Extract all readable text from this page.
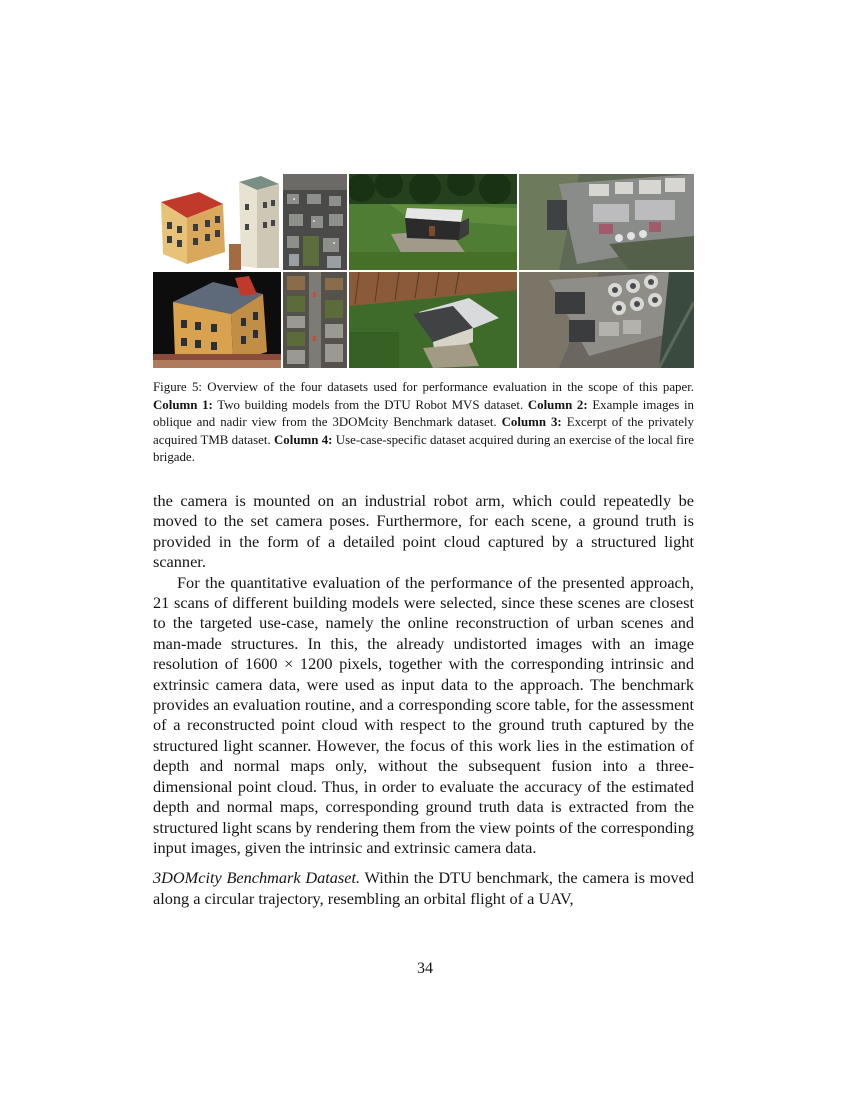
Figure 5: Overview of the four datasets used for performance evaluation in the scope of this paper. Column 1: Two building models from the DTU Robot MVS dataset. Column 2: Example images in oblique and nadir view from the 3DOMcity Benchmark dataset. Column 3: Excerpt of the privately acquired TMB dataset. Column 4: Use-case-specific dataset acquired during an exercise of the local fire brigade.

the camera is mounted on an industrial robot arm, which could repeatedly be moved to the set camera poses. Furthermore, for each scene, a ground truth is provided in the form of a detailed point cloud captured by a structured light scanner.

For the quantitative evaluation of the performance of the presented approach, 21 scans of different building models were selected, since these scenes are closest to the targeted use-case, namely the online reconstruction of urban scenes and man-made structures. In this, the already undistorted images with an image resolution of 1600 × 1200 pixels, together with the corresponding intrinsic and extrinsic camera data, were used as input data to the approach. The benchmark provides an evaluation routine, and a corresponding score table, for the assessment of a reconstructed point cloud with respect to the ground truth captured by the structured light scanner. However, the focus of this work lies in the estimation of depth and normal maps only, without the subsequent fusion into a three-dimensional point cloud. Thus, in order to evaluate the accuracy of the estimated depth and normal maps, corresponding ground truth data is extracted from the structured light scans by rendering them from the view points of the corresponding input images, given the intrinsic and extrinsic camera data.

3DOMcity Benchmark Dataset. Within the DTU benchmark, the camera is moved along a circular trajectory, resembling an orbital flight of a UAV,

34
